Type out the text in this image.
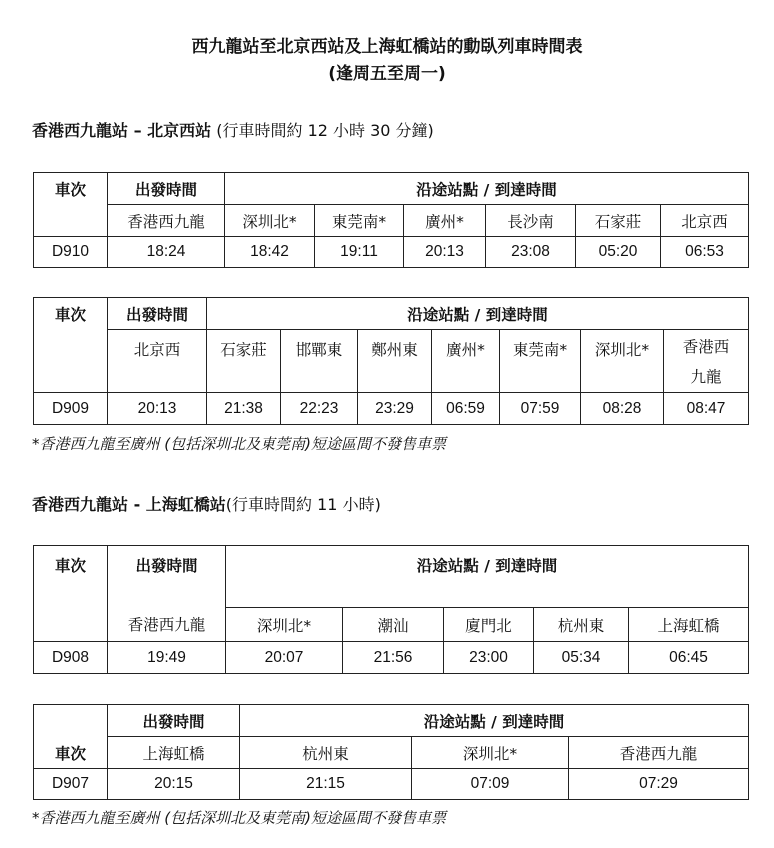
西九龍站至北京西站及上海虹橋站的動臥列車時間表
(逢周五至周一)
香港西九龍站 – 北京西站 (行車時間約 12 小時 30 分鐘)
車次	出發時間	沿途站點 / 到達時間					
	香港西九龍	深圳北*	東莞南*	廣州*	長沙南	石家莊	北京西
D910	18:24	18:42	19:11	20:13	23:08	05:20	06:53
車次	出發時間	沿途站點 / 到達時間						
	北京西	石家莊	邯鄲東	鄭州東	廣州*	東莞南*	深圳北*	香港西
九龍
D909	20:13	21:38	22:23	23:29	06:59	07:59	08:28	08:47
*香港西九龍至廣州 (包括深圳北及東莞南)短途區間不發售車票
香港西九龍站 - 上海虹橋站(行車時間約 11 小時)
車次	出發時間	沿途站點 / 到達時間				
	香港西九龍	深圳北*	潮汕	廈門北	杭州東	上海虹橋
D908	19:49	20:07	21:56	23:00	05:34	06:45
	出發時間	沿途站點 / 到達時間		
車次	上海虹橋	杭州東	深圳北*	香港西九龍
D907	20:15	21:15	07:09	07:29
*香港西九龍至廣州 (包括深圳北及東莞南)短途區間不發售車票
